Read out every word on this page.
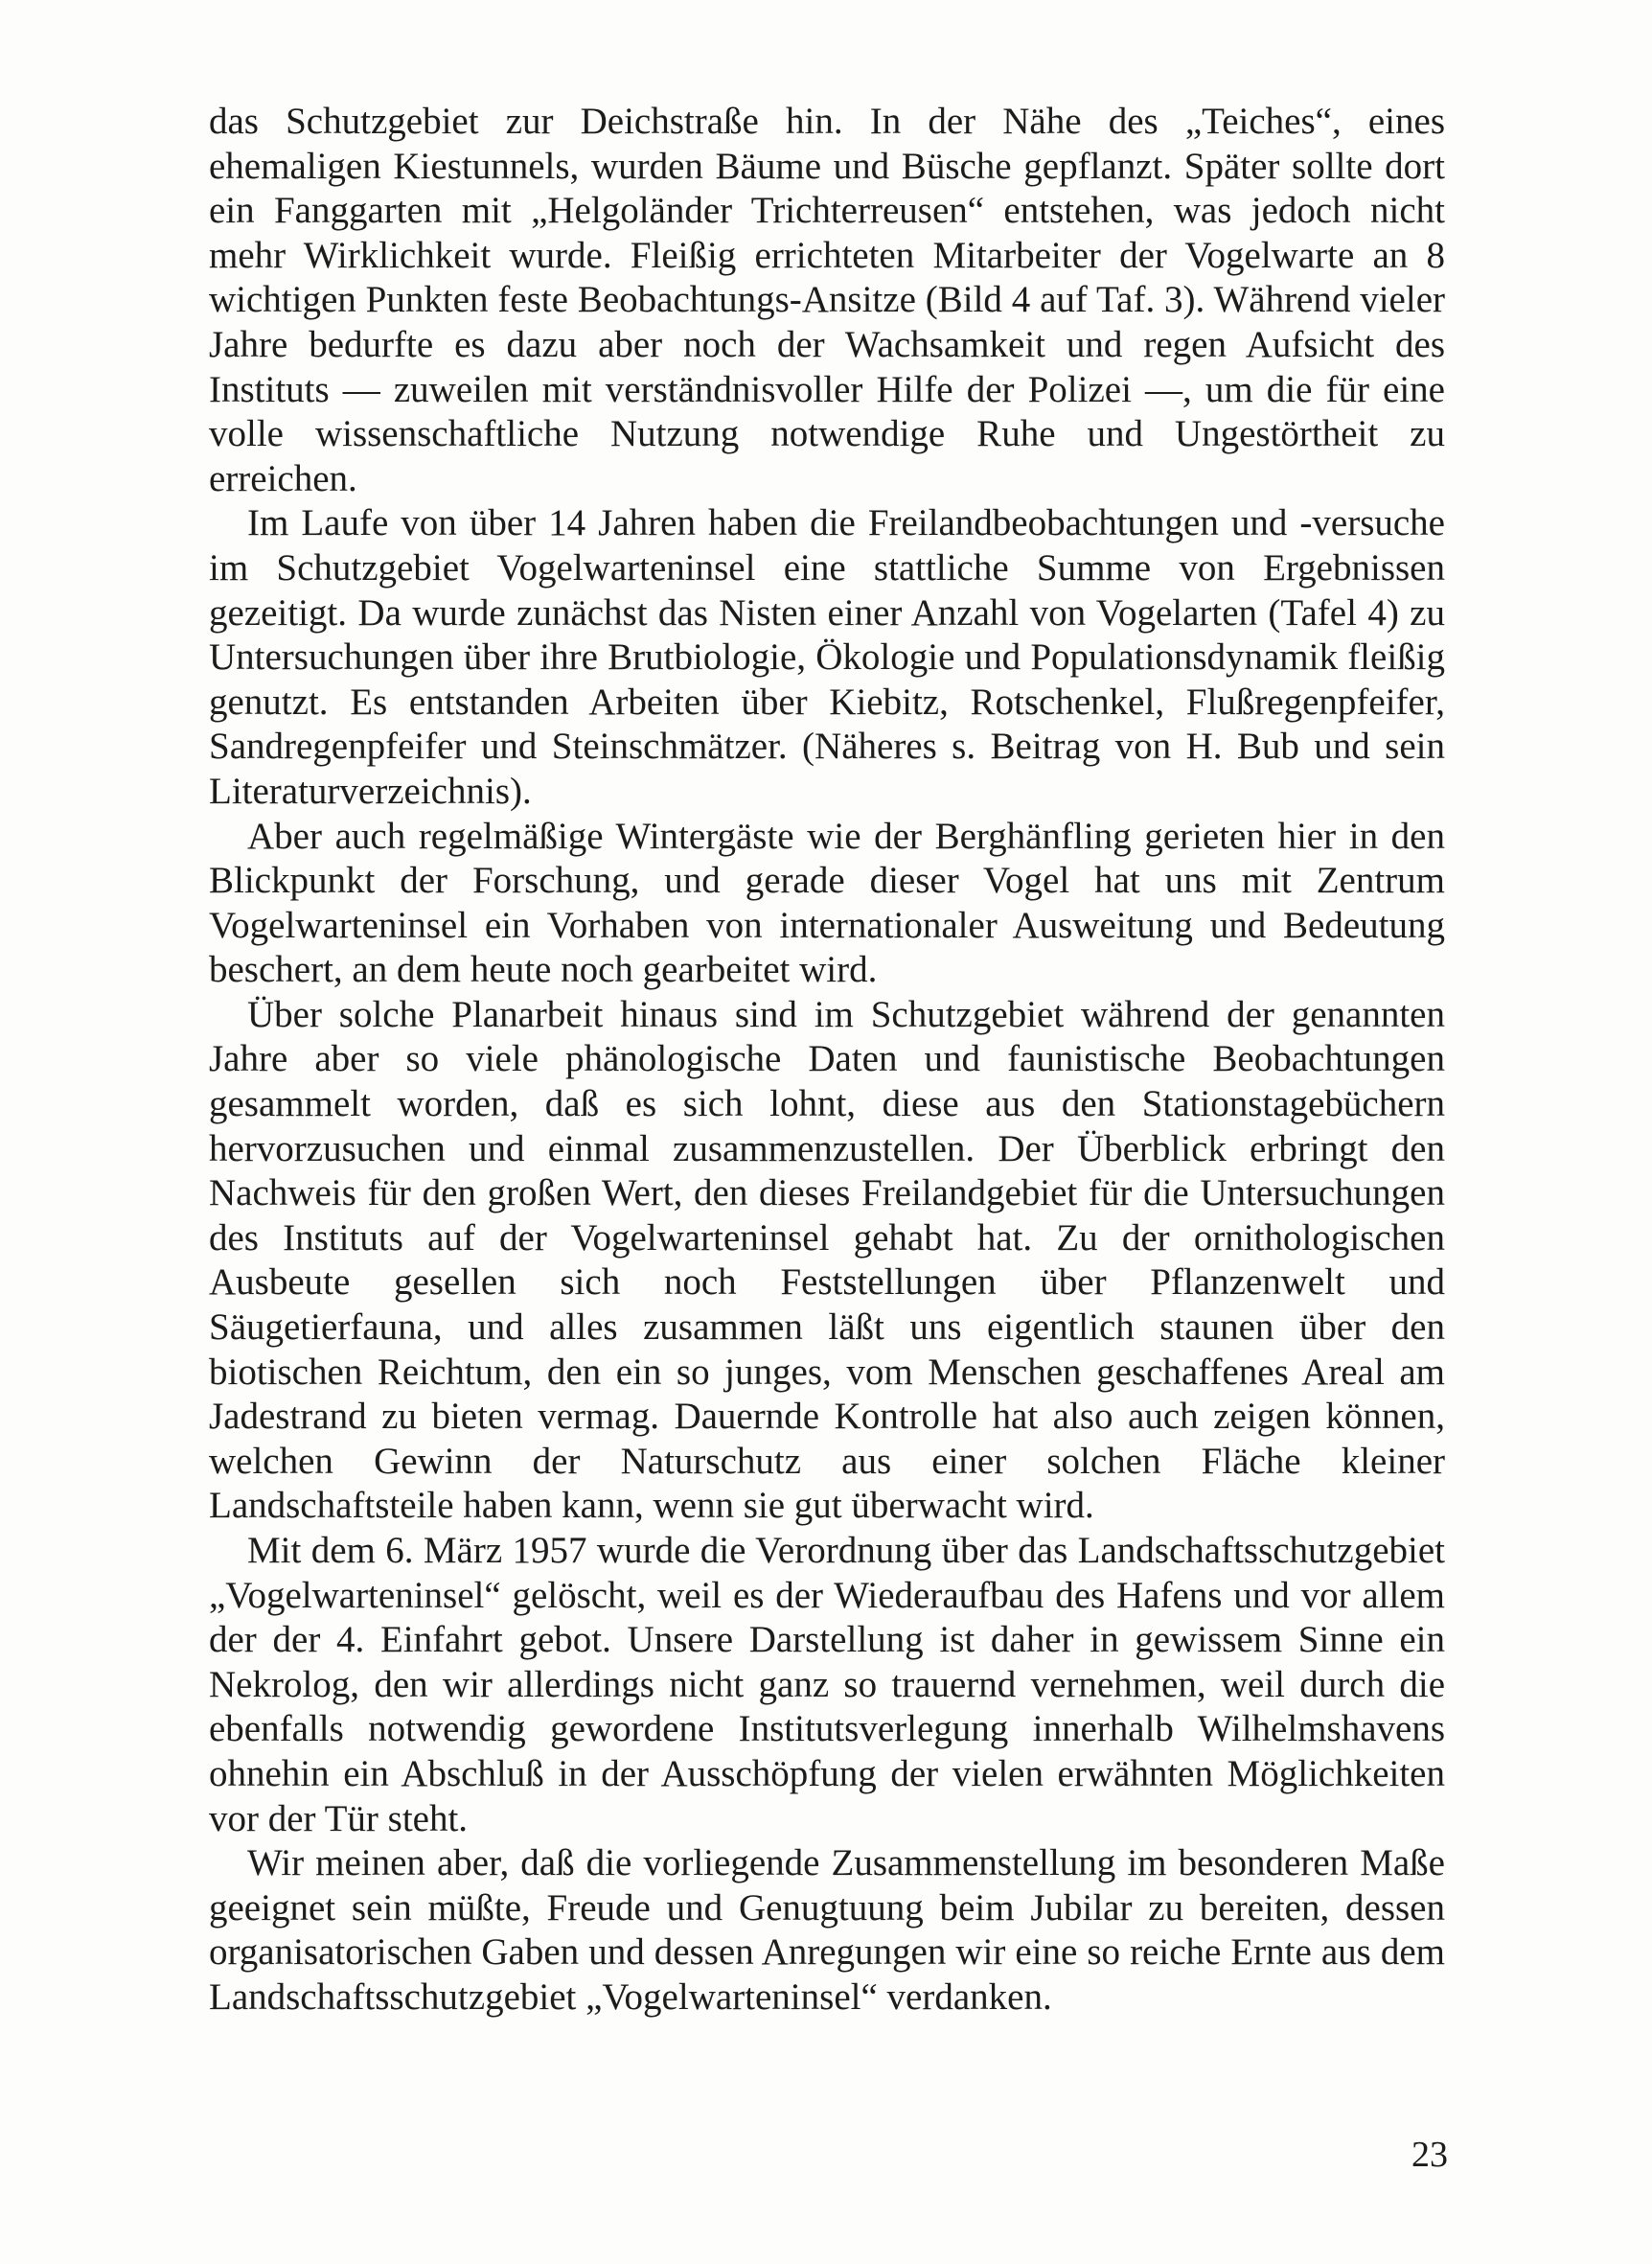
das Schutzgebiet zur Deichstraße hin. In der Nähe des „Teiches“, eines ehemaligen Kiestunnels, wurden Bäume und Büsche gepflanzt. Später sollte dort ein Fanggarten mit „Helgoländer Trichterreusen“ entstehen, was jedoch nicht mehr Wirklichkeit wurde. Fleißig errichteten Mitarbeiter der Vogelwarte an 8 wichtigen Punkten feste Beobachtungs-Ansitze (Bild 4 auf Taf. 3). Während vieler Jahre bedurfte es dazu aber noch der Wachsamkeit und regen Aufsicht des Instituts — zuweilen mit verständnisvoller Hilfe der Polizei —, um die für eine volle wissenschaftliche Nutzung notwendige Ruhe und Ungestörtheit zu erreichen.

Im Laufe von über 14 Jahren haben die Freilandbeobachtungen und -versuche im Schutzgebiet Vogelwarteninsel eine stattliche Summe von Ergebnissen gezeitigt. Da wurde zunächst das Nisten einer Anzahl von Vogelarten (Tafel 4) zu Untersuchungen über ihre Brutbiologie, Ökologie und Populationsdynamik fleißig genutzt. Es entstanden Arbeiten über Kiebitz, Rotschenkel, Flußregenpfeifer, Sandregenpfeifer und Steinschmätzer. (Näheres s. Beitrag von H. Bub und sein Literaturverzeichnis).

Aber auch regelmäßige Wintergäste wie der Berghänfling gerieten hier in den Blickpunkt der Forschung, und gerade dieser Vogel hat uns mit Zentrum Vogelwarteninsel ein Vorhaben von internationaler Ausweitung und Bedeutung beschert, an dem heute noch gearbeitet wird.

Über solche Planarbeit hinaus sind im Schutzgebiet während der genannten Jahre aber so viele phänologische Daten und faunistische Beobachtungen gesammelt worden, daß es sich lohnt, diese aus den Stationstagebüchern hervorzusuchen und einmal zusammenzustellen. Der Überblick erbringt den Nachweis für den großen Wert, den dieses Freilandgebiet für die Untersuchungen des Instituts auf der Vogelwarteninsel gehabt hat. Zu der ornithologischen Ausbeute gesellen sich noch Feststellungen über Pflanzenwelt und Säugetierfauna, und alles zusammen läßt uns eigentlich staunen über den biotischen Reichtum, den ein so junges, vom Menschen geschaffenes Areal am Jadestrand zu bieten vermag. Dauernde Kontrolle hat also auch zeigen können, welchen Gewinn der Naturschutz aus einer solchen Fläche kleiner Landschaftsteile haben kann, wenn sie gut überwacht wird.

Mit dem 6. März 1957 wurde die Verordnung über das Landschaftsschutzgebiet „Vogelwarteninsel“ gelöscht, weil es der Wiederaufbau des Hafens und vor allem der der 4. Einfahrt gebot. Unsere Darstellung ist daher in gewissem Sinne ein Nekrolog, den wir allerdings nicht ganz so trauernd vernehmen, weil durch die ebenfalls notwendig gewordene Institutsverlegung innerhalb Wilhelmshavens ohnehin ein Abschluß in der Ausschöpfung der vielen erwähnten Möglichkeiten vor der Tür steht.

Wir meinen aber, daß die vorliegende Zusammenstellung im besonderen Maße geeignet sein müßte, Freude und Genugtuung beim Jubilar zu bereiten, dessen organisatorischen Gaben und dessen Anregungen wir eine so reiche Ernte aus dem Landschaftsschutzgebiet „Vogelwarteninsel“ verdanken.

23
